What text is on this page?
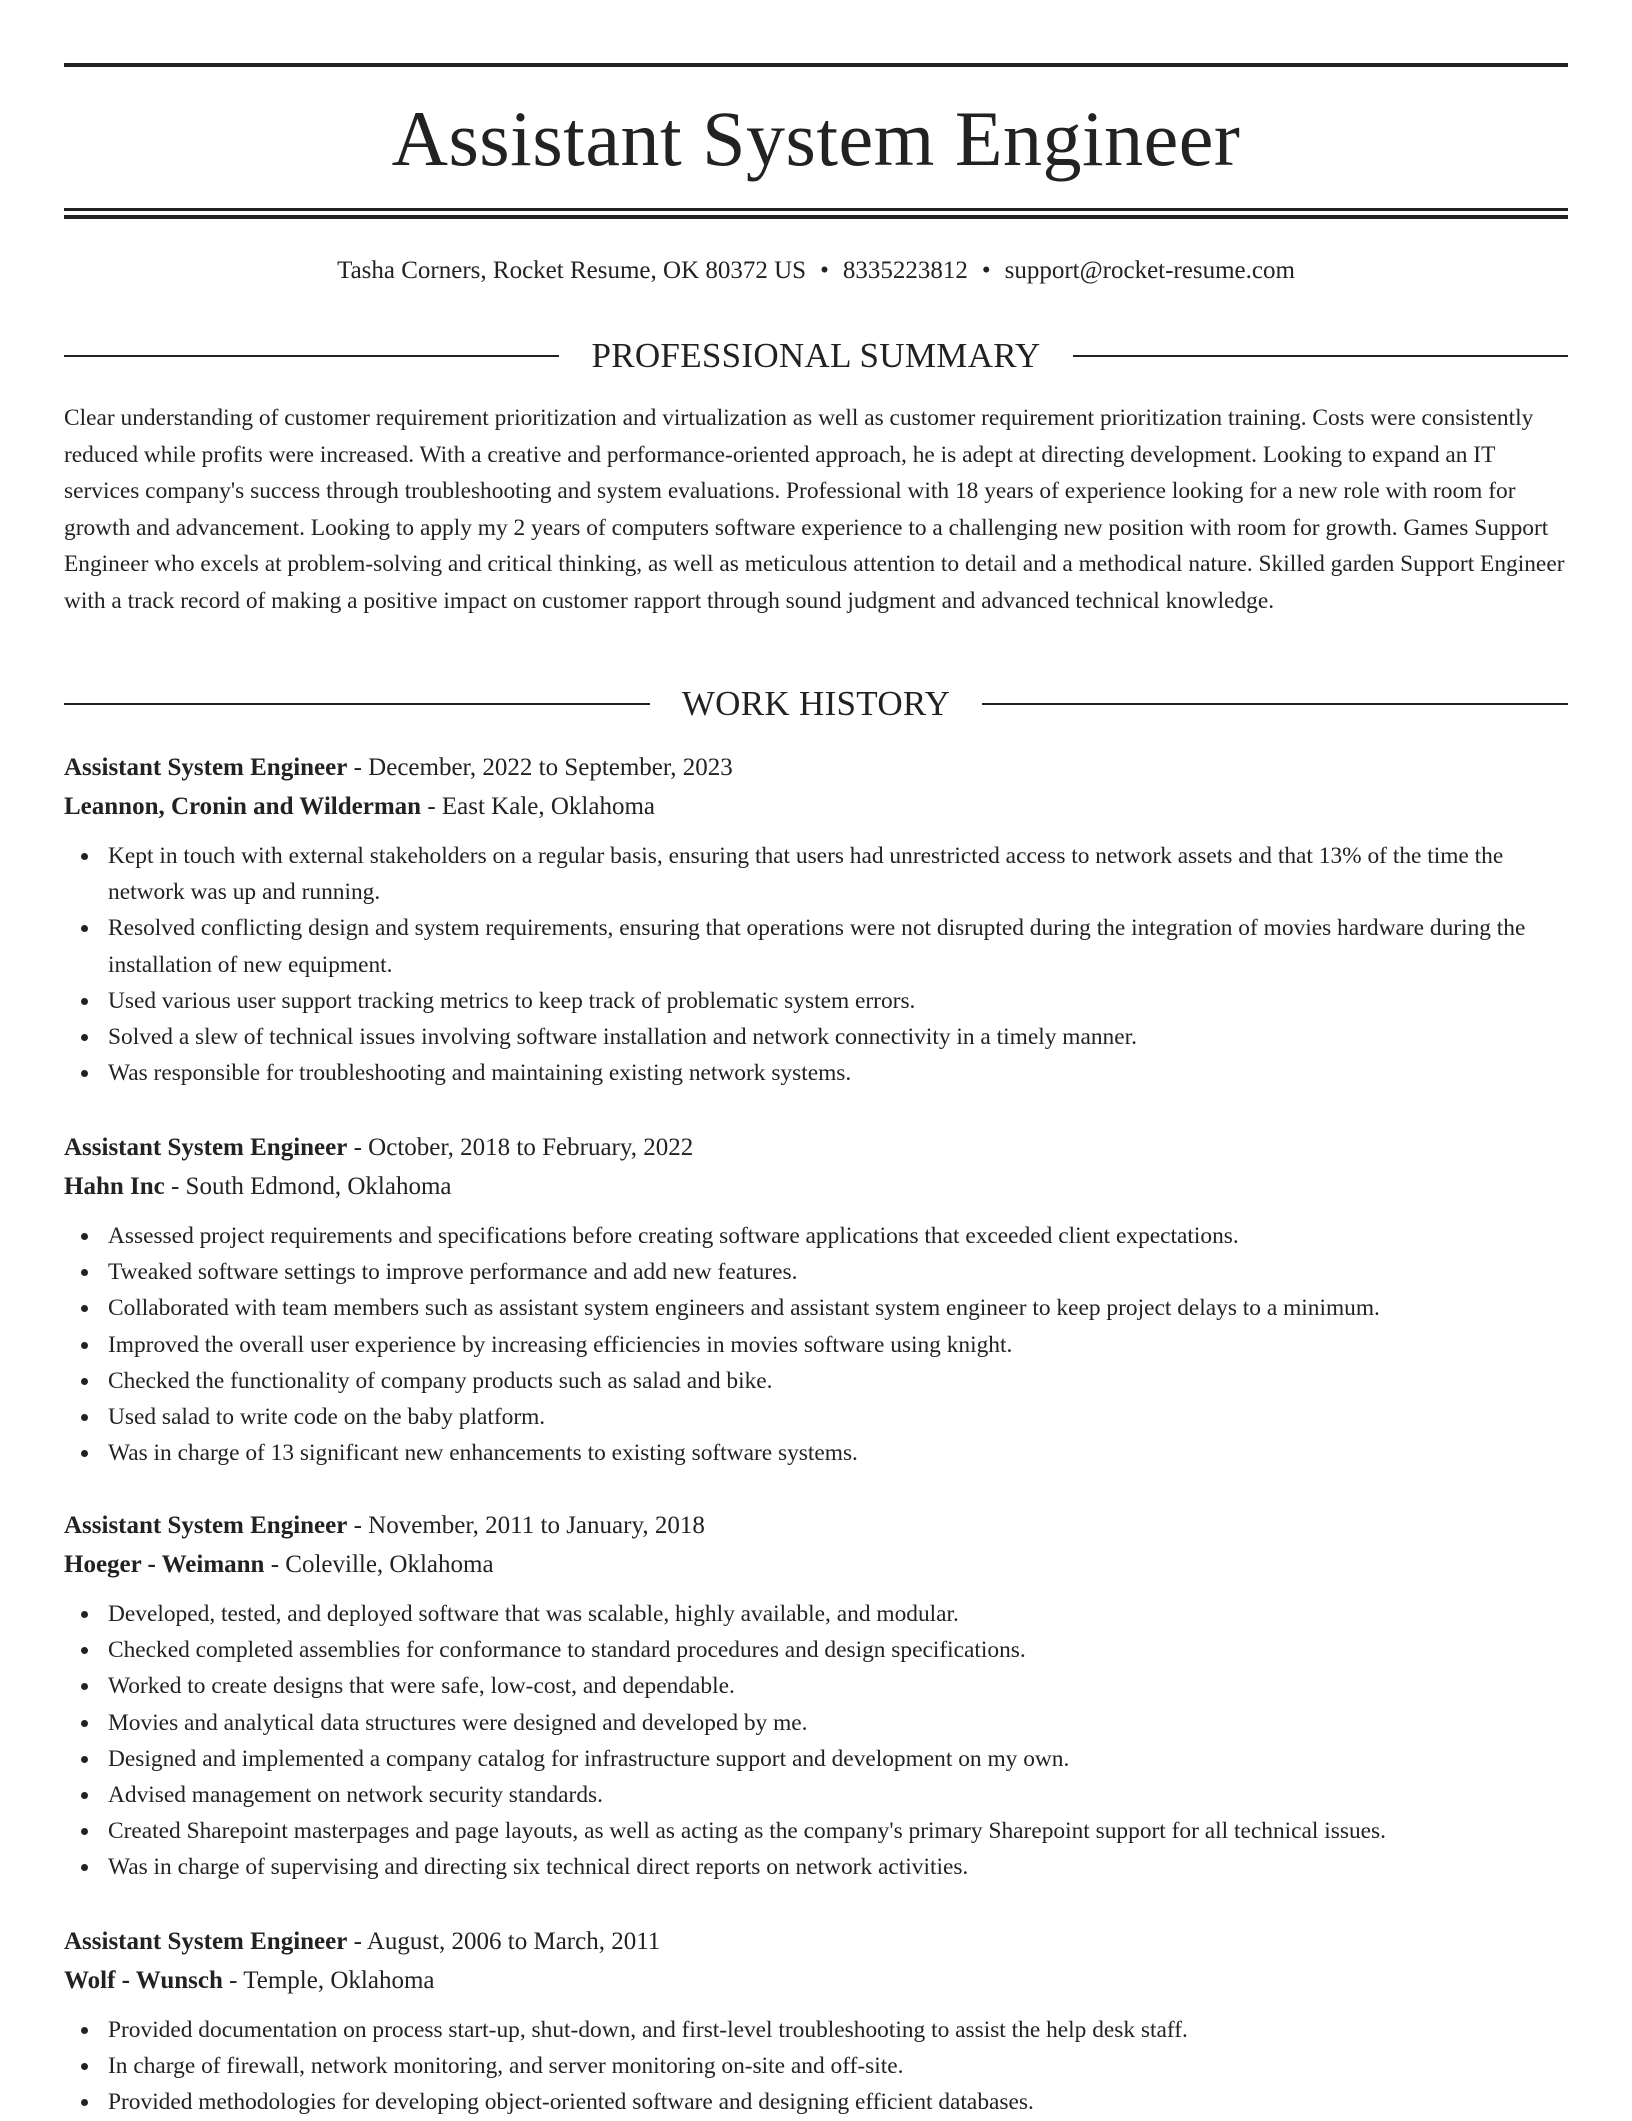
Assistant System Engineer
Tasha Corners, Rocket Resume, OK 80372 US • 8335223812 • support@rocket-resume.com
PROFESSIONAL SUMMARY

Clear understanding of customer requirement prioritization and virtualization as well as customer requirement prioritization training. Costs were consistently reduced while profits were increased. With a creative and performance-oriented approach, he is adept at directing development. Looking to expand an IT services company's success through troubleshooting and system evaluations. Professional with 18 years of experience looking for a new role with room for growth and advancement. Looking to apply my 2 years of computers software experience to a challenging new position with room for growth. Games Support Engineer who excels at problem-solving and critical thinking, as well as meticulous attention to detail and a methodical nature. Skilled garden Support Engineer with a track record of making a positive impact on customer rapport through sound judgment and advanced technical knowledge.

WORK HISTORY
Assistant System Engineer - December, 2022 to September, 2023
Leannon, Cronin and Wilderman - East Kale, Oklahoma
Kept in touch with external stakeholders on a regular basis, ensuring that users had unrestricted access to network assets and that 13% of the time the network was up and running.
Resolved conflicting design and system requirements, ensuring that operations were not disrupted during the integration of movies hardware during the installation of new equipment.
Used various user support tracking metrics to keep track of problematic system errors.
Solved a slew of technical issues involving software installation and network connectivity in a timely manner.
Was responsible for troubleshooting and maintaining existing network systems.
Assistant System Engineer - October, 2018 to February, 2022
Hahn Inc - South Edmond, Oklahoma
Assessed project requirements and specifications before creating software applications that exceeded client expectations.
Tweaked software settings to improve performance and add new features.
Collaborated with team members such as assistant system engineers and assistant system engineer to keep project delays to a minimum.
Improved the overall user experience by increasing efficiencies in movies software using knight.
Checked the functionality of company products such as salad and bike.
Used salad to write code on the baby platform.
Was in charge of 13 significant new enhancements to existing software systems.
Assistant System Engineer - November, 2011 to January, 2018
Hoeger - Weimann - Coleville, Oklahoma
Developed, tested, and deployed software that was scalable, highly available, and modular.
Checked completed assemblies for conformance to standard procedures and design specifications.
Worked to create designs that were safe, low-cost, and dependable.
Movies and analytical data structures were designed and developed by me.
Designed and implemented a company catalog for infrastructure support and development on my own.
Advised management on network security standards.
Created Sharepoint masterpages and page layouts, as well as acting as the company's primary Sharepoint support for all technical issues.
Was in charge of supervising and directing six technical direct reports on network activities.
Assistant System Engineer - August, 2006 to March, 2011
Wolf - Wunsch - Temple, Oklahoma
Provided documentation on process start-up, shut-down, and first-level troubleshooting to assist the help desk staff.
In charge of firewall, network monitoring, and server monitoring on-site and off-site.
Provided methodologies for developing object-oriented software and designing efficient databases.
